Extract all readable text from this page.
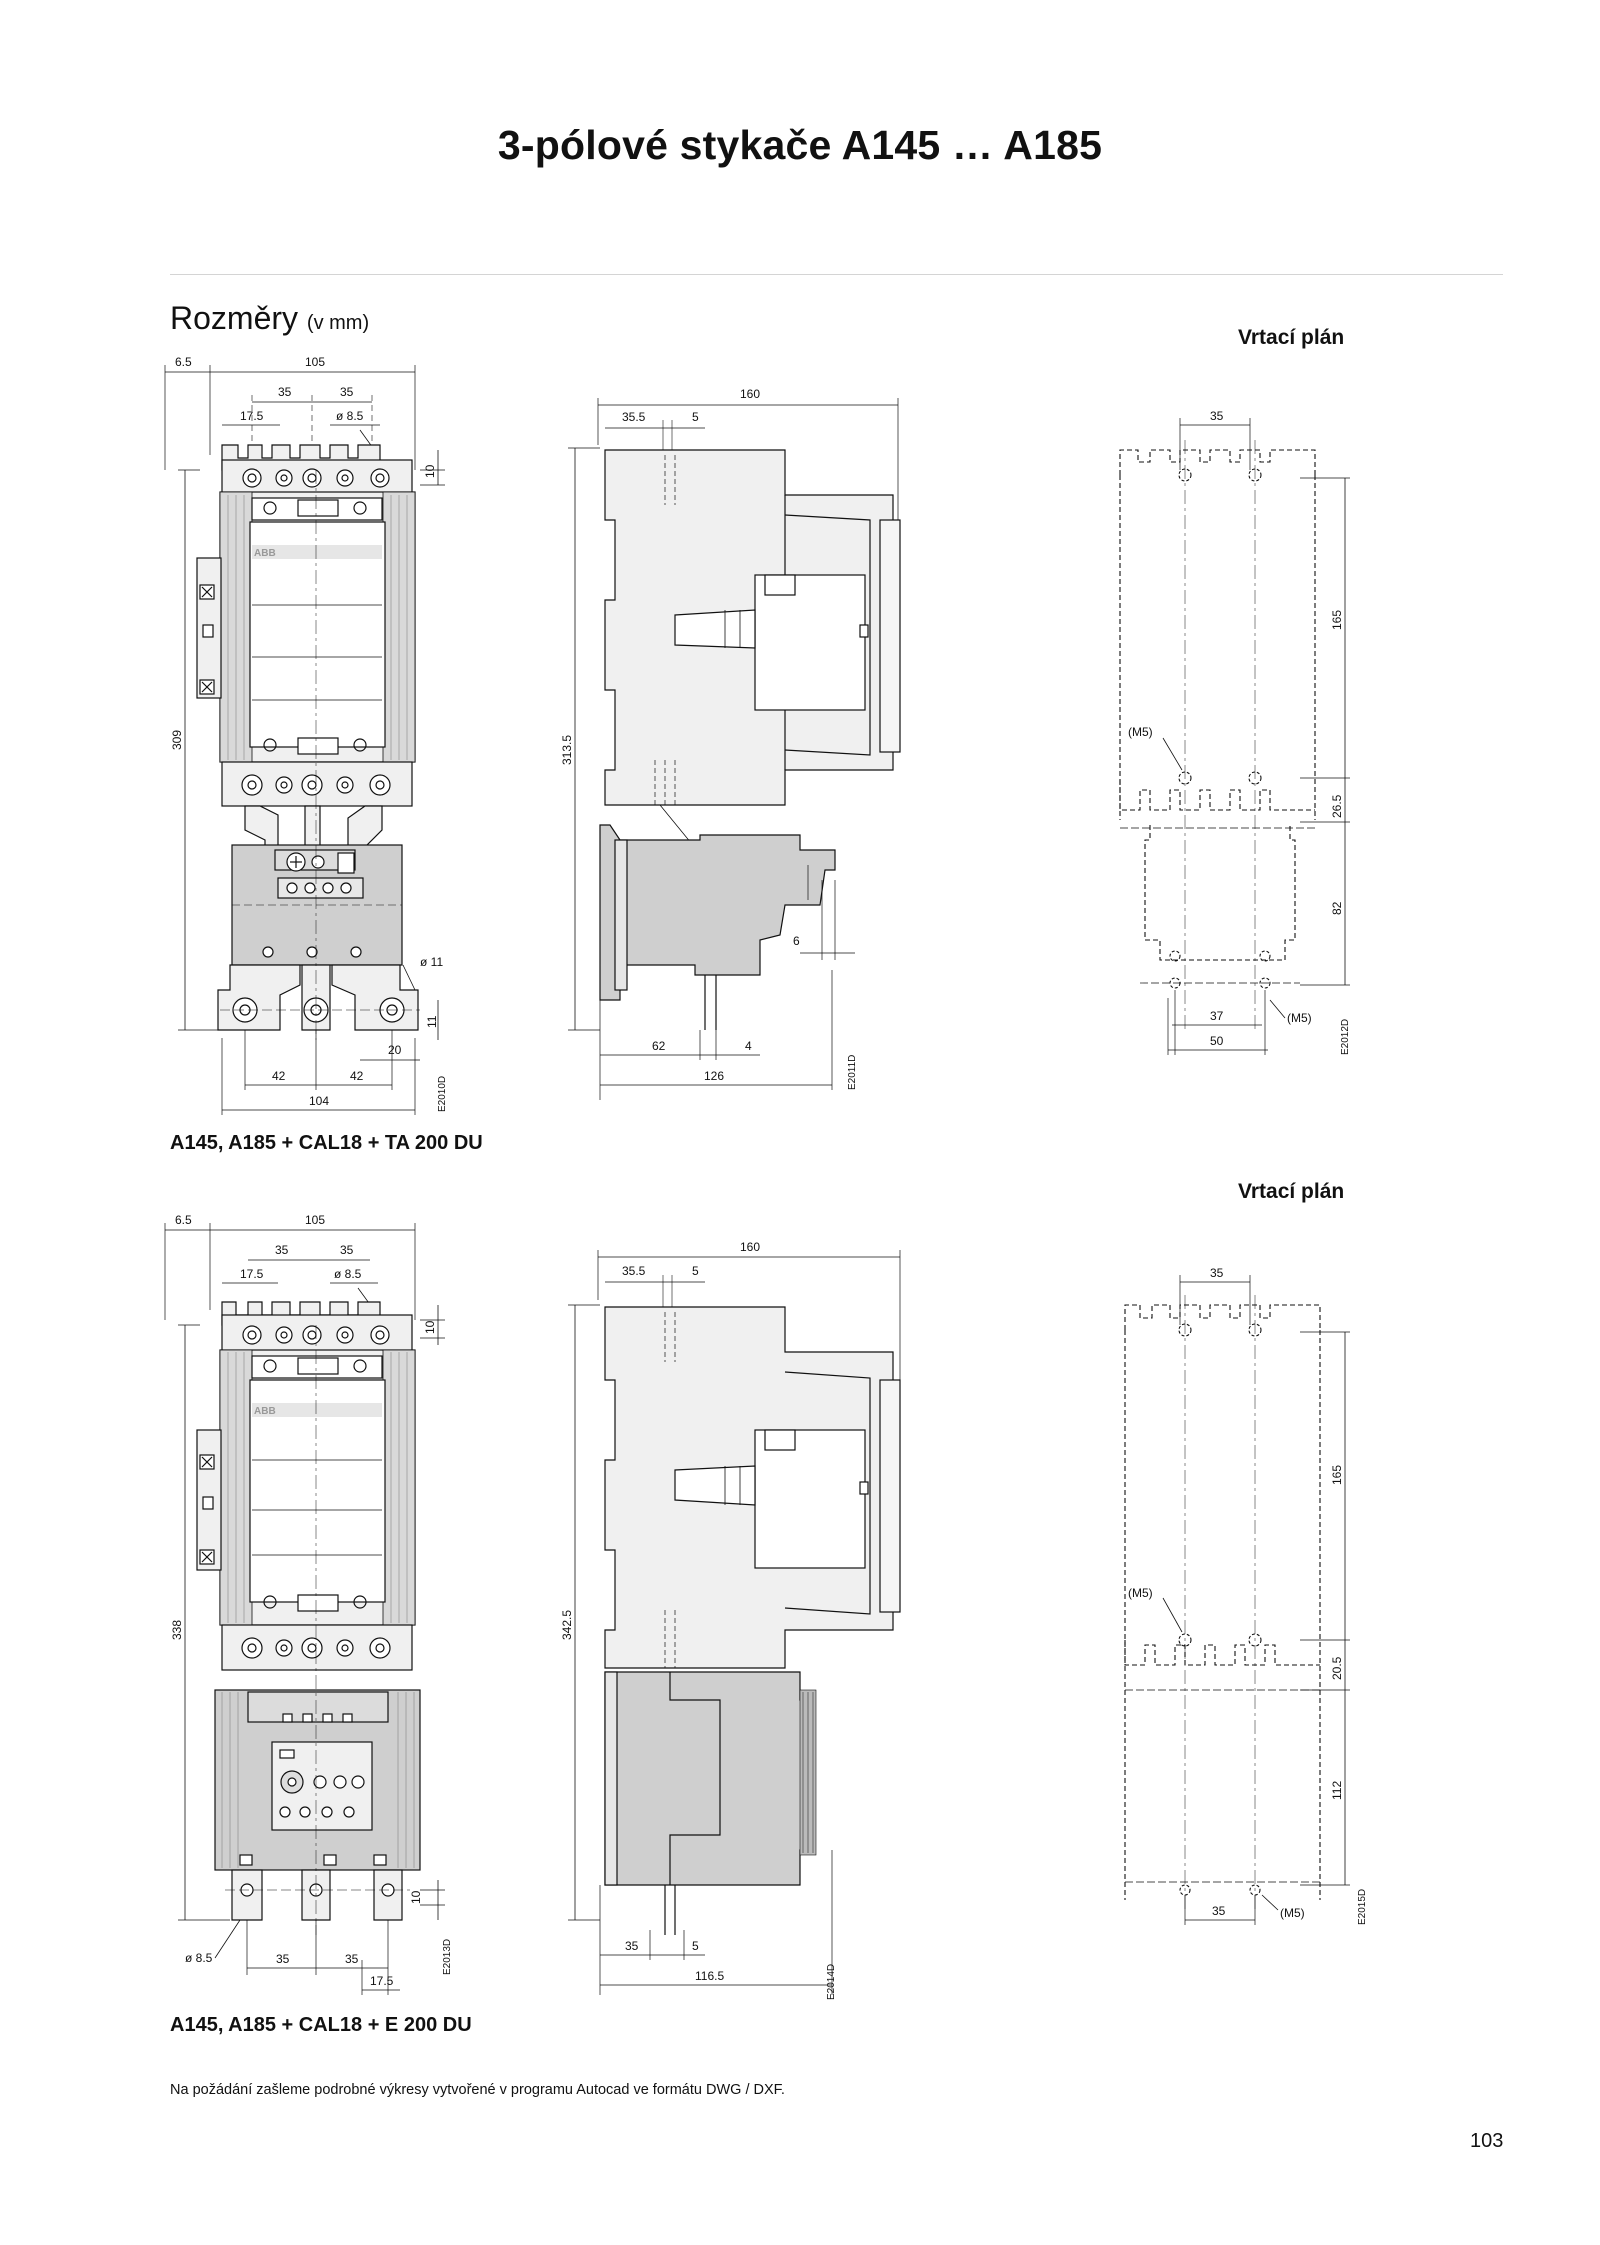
3-pólové stykače A145 … A185
Rozměry (v mm)
Vrtací plán
Vrtací plán
A145, A185 + CAL18 + TA 200 DU
A145, A185 + CAL18 + E 200 DU
Na požádání zašleme podrobné výkresy vytvořené v programu Autocad ve formátu DWG / DXF.
103
6.5	105
35	35
17.5	ø 8.5
10
309
ø 11
11
20
42	42
104	E2010D
ABB
160
35.5	5
313.5
6
62	4
126	E2011D
35
165
(M5)
26.5
82
37	(M5)
50	E2012D
6.5	105
35	35
17.5	ø 8.5
10
338
10
ø 8.5	35	35
17.5
E2013D
ABB
160
35.5	5
342.5
35	5
116.5	E2014D
35
165
(M5)
20.5
112
35	(M5)	E2015D
